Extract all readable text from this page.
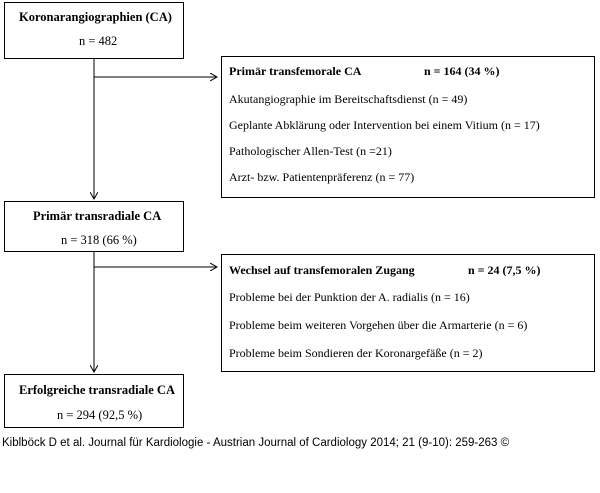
Koronarangiographien (CA)
n = 482
Primär transfemorale CA	n = 164 (34 %)
Akutangiographie im Bereitschaftsdienst (n = 49)
Geplante Abklärung oder Intervention bei einem Vitium (n = 17)
Pathologischer Allen-Test (n =21)
Arzt- bzw. Patientenpräferenz (n = 77)
Primär transradiale CA
n = 318 (66 %)
Wechsel auf transfemoralen Zugang	n = 24 (7,5 %)
Probleme bei der Punktion der A. radialis (n = 16)
Probleme beim weiteren Vorgehen über die Armarterie (n = 6)
Probleme beim Sondieren der Koronargefäße (n = 2)
Erfolgreiche transradiale CA
n = 294 (92,5 %)
Kiblböck D et al. Journal für Kardiologie - Austrian Journal of Cardiology 2014; 21 (9-10): 259-263 ©
